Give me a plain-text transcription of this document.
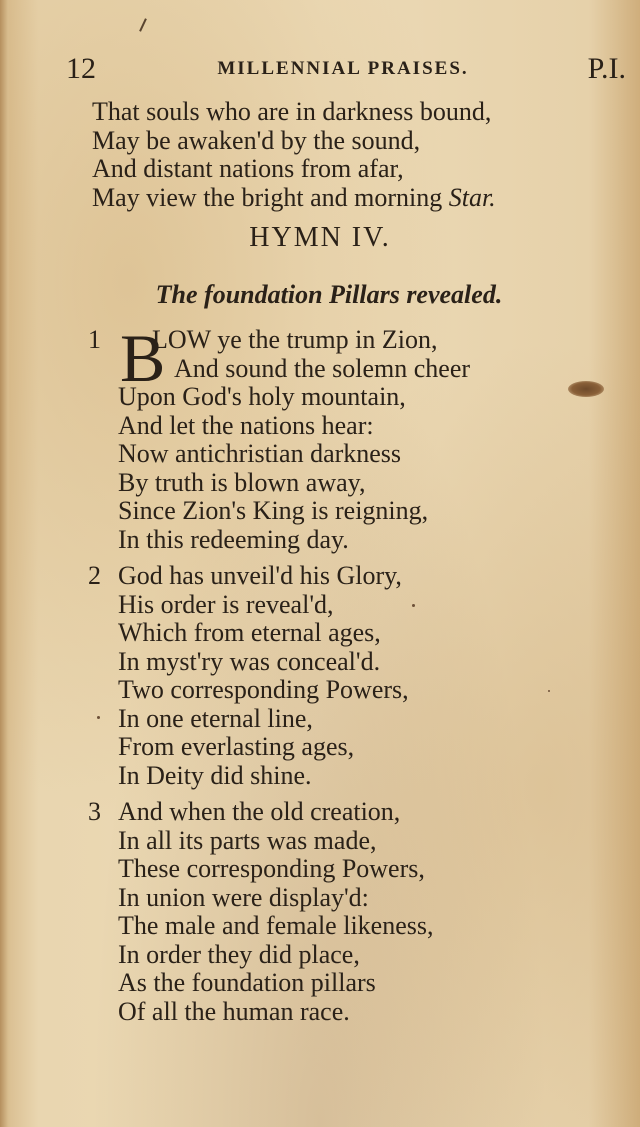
12	MILLENNIAL PRAISES.	P.I.
That souls who are in darkness bound,
May be awaken'd by the sound,
And distant nations from afar,
May view the bright and morning Star.
HYMN IV.
The foundation Pillars revealed.
1 B
LOW ye the trump in Zion,
And sound the solemn cheer
Upon God's holy mountain,
And let the nations hear:
Now antichristian darkness
By truth is blown away,
Since Zion's King is reigning,
In this redeeming day.
2 God has unveil'd his Glory,
His order is reveal'd,
Which from eternal ages,
In myst'ry was conceal'd.
Two corresponding Powers,
In one eternal line,
From everlasting ages,
In Deity did shine.
3 And when the old creation,
In all its parts was made,
These corresponding Powers,
In union were display'd:
The male and female likeness,
In order they did place,
As the foundation pillars
Of all the human race.
